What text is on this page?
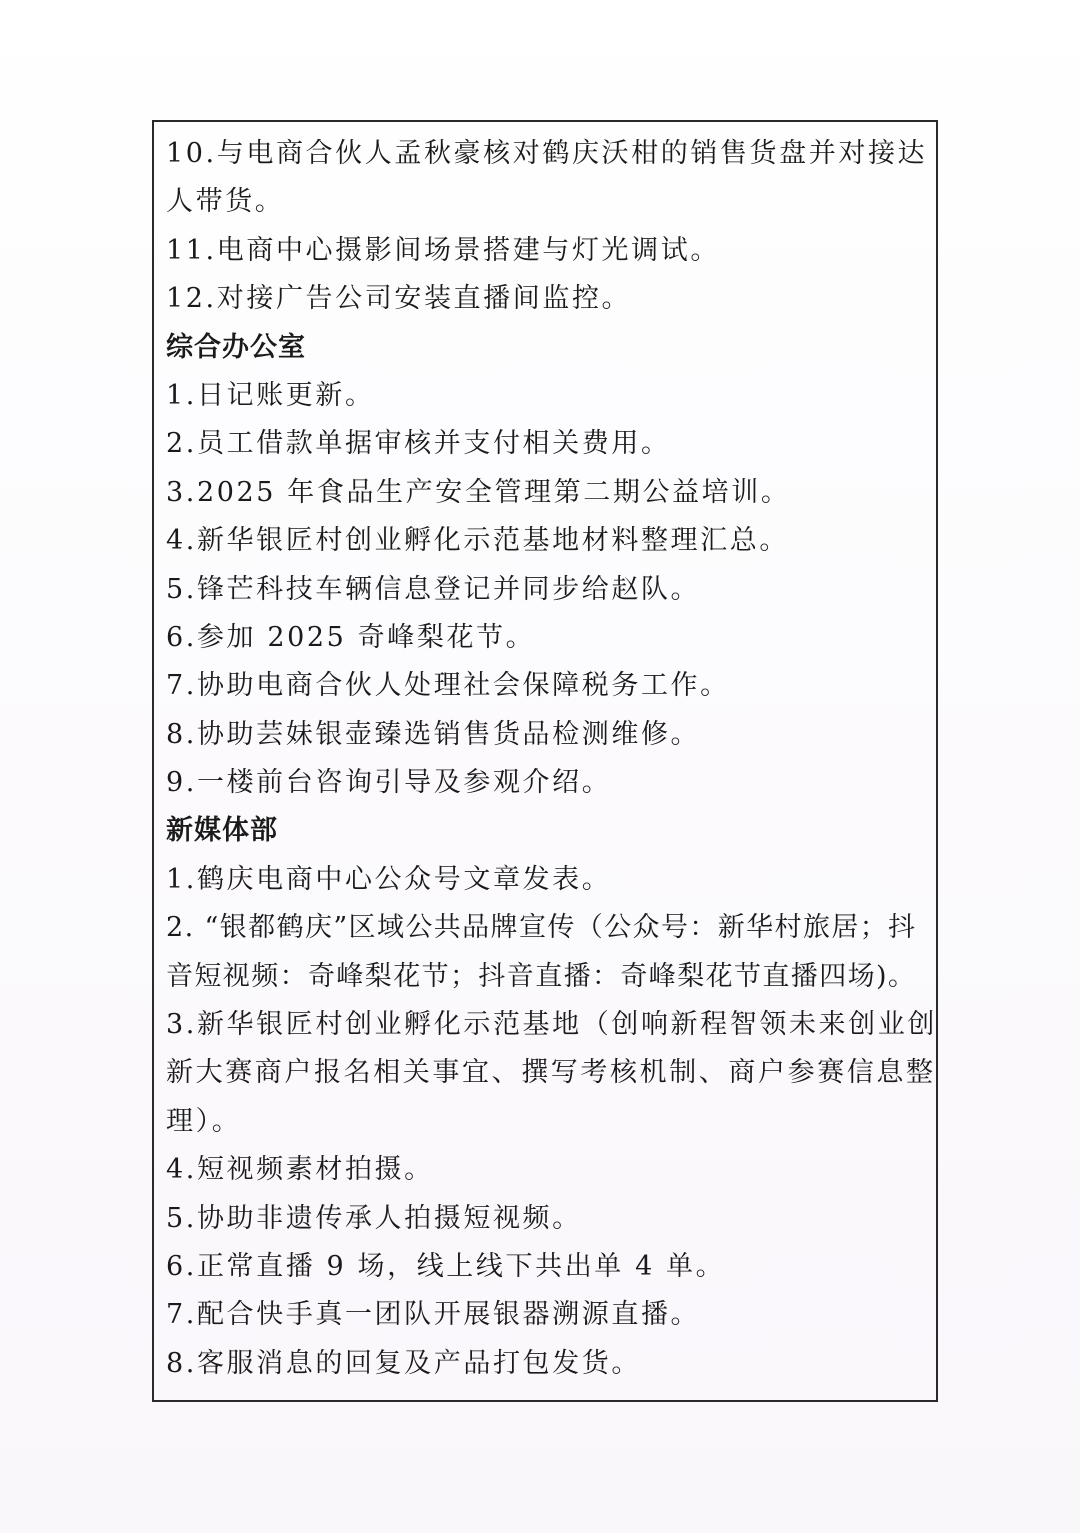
10.与电商合伙人孟秋豪核对鹤庆沃柑的销售货盘并对接达
人带货。
11.电商中心摄影间场景搭建与灯光调试。
12.对接广告公司安装直播间监控。
综合办公室
1.日记账更新。
2.员工借款单据审核并支付相关费用。
3.2025 年食品生产安全管理第二期公益培训。
4.新华银匠村创业孵化示范基地材料整理汇总。
5.锋芒科技车辆信息登记并同步给赵队。
6.参加 2025 奇峰梨花节。
7.协助电商合伙人处理社会保障税务工作。
8.协助芸妹银壶臻选销售货品检测维修。
9.一楼前台咨询引导及参观介绍。
新媒体部
1.鹤庆电商中心公众号文章发表。
2. “银都鹤庆”区域公共品牌宣传（公众号：新华村旅居；抖
音短视频：奇峰梨花节；抖音直播：奇峰梨花节直播四场)。
3.新华银匠村创业孵化示范基地（创响新程智领未来创业创
新大赛商户报名相关事宜、撰写考核机制、商户参赛信息整
理）。
4.短视频素材拍摄。
5.协助非遗传承人拍摄短视频。
6.正常直播 9 场，线上线下共出单 4 单。
7.配合快手真一团队开展银器溯源直播。
8.客服消息的回复及产品打包发货。
